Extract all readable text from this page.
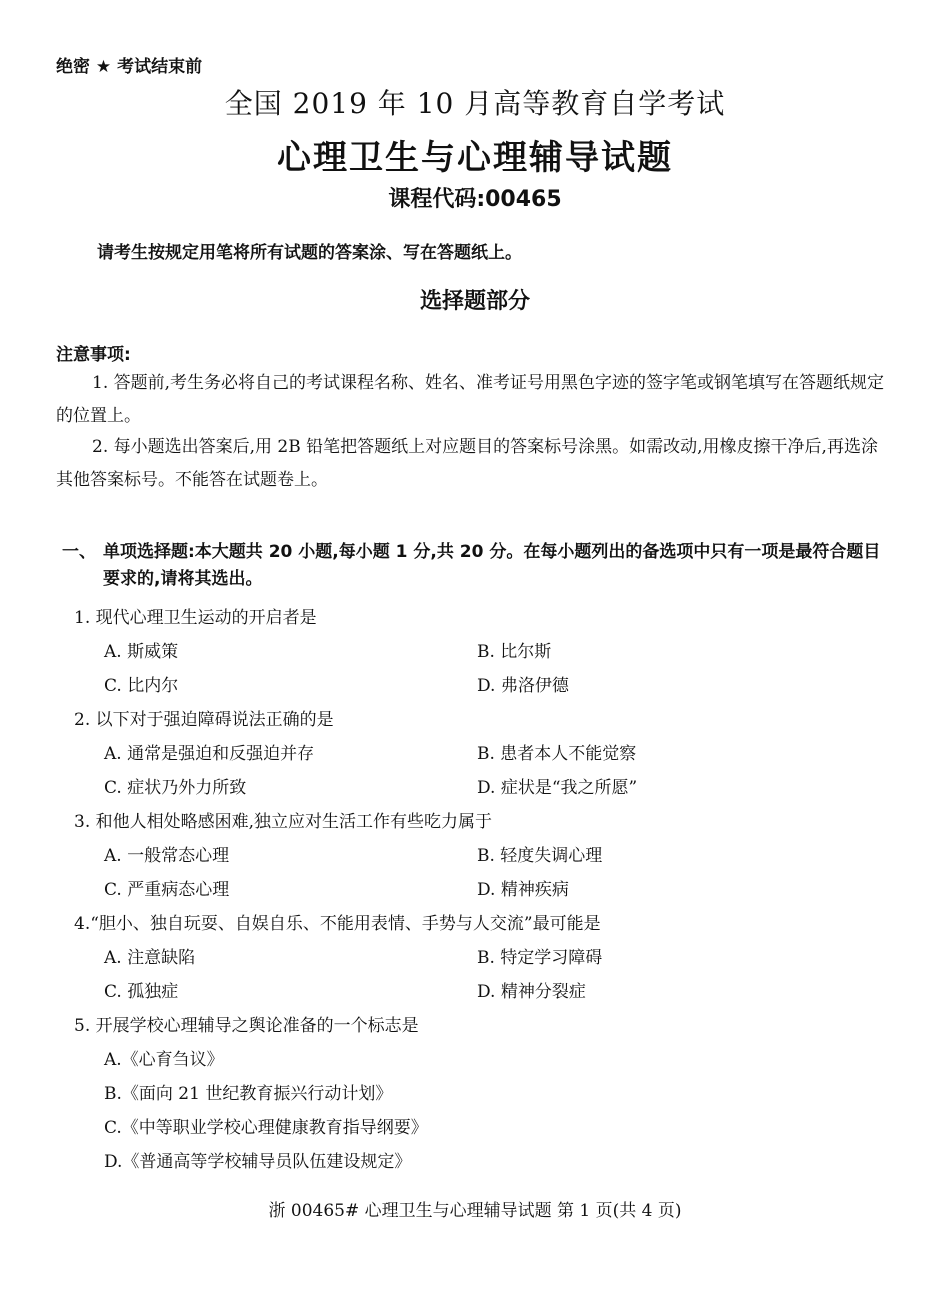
绝密 ★ 考试结束前
全国 2019 年 10 月高等教育自学考试
心理卫生与心理辅导试题
课程代码:00465
请考生按规定用笔将所有试题的答案涂、写在答题纸上。
选择题部分
注意事项:
1. 答题前,考生务必将自己的考试课程名称、姓名、准考证号用黑色字迹的签字笔或钢笔填写在答题纸规定的位置上。
2. 每小题选出答案后,用 2B 铅笔把答题纸上对应题目的答案标号涂黑。如需改动,用橡皮擦干净后,再选涂其他答案标号。不能答在试题卷上。
一、 单项选择题:本大题共 20 小题,每小题 1 分,共 20 分。在每小题列出的备选项中只有一项是最符合题目要求的,请将其选出。
1. 现代心理卫生运动的开启者是
A. 斯威策	B. 比尔斯
C. 比内尔	D. 弗洛伊德
2. 以下对于强迫障碍说法正确的是
A. 通常是强迫和反强迫并存	B. 患者本人不能觉察
C. 症状乃外力所致	D. 症状是“我之所愿”
3. 和他人相处略感困难,独立应对生活工作有些吃力属于
A. 一般常态心理	B. 轻度失调心理
C. 严重病态心理	D. 精神疾病
4.“胆小、独自玩耍、自娱自乐、不能用表情、手势与人交流”最可能是
A. 注意缺陷	B. 特定学习障碍
C. 孤独症	D. 精神分裂症
5. 开展学校心理辅导之舆论准备的一个标志是
A.《心育刍议》
B.《面向 21 世纪教育振兴行动计划》
C.《中等职业学校心理健康教育指导纲要》
D.《普通高等学校辅导员队伍建设规定》
浙 00465# 心理卫生与心理辅导试题 第 1 页(共 4 页)
